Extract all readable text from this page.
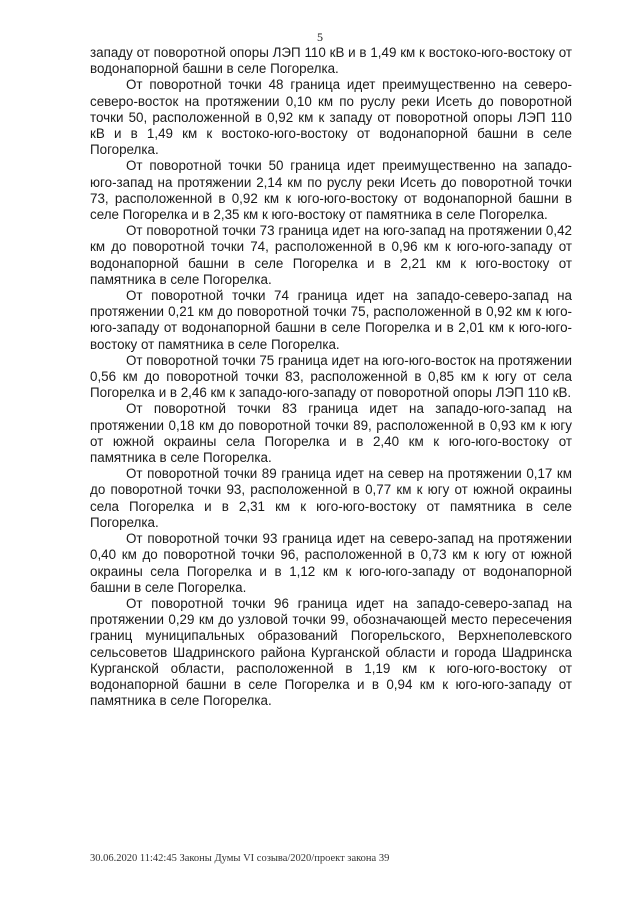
5

западу от поворотной опоры ЛЭП 110 кВ и в 1,49 км к востоко-юго-востоку от водонапорной башни в селе Погорелка.

От поворотной точки 48 граница идет преимущественно на северо-северо-восток на протяжении 0,10 км по руслу реки Исеть до поворотной точки 50, расположенной в 0,92 км к западу от поворотной опоры ЛЭП 110 кВ и в 1,49 км к востоко-юго-востоку от водонапорной башни в селе Погорелка.

От поворотной точки 50 граница идет преимущественно на западо-юго-запад на протяжении 2,14 км по руслу реки Исеть до поворотной точки 73, расположенной в 0,92 км к юго-юго-востоку от водонапорной башни в селе Погорелка и в 2,35 км к юго-востоку от памятника в селе Погорелка.

От поворотной точки 73 граница идет на юго-запад на протяжении 0,42 км до поворотной точки 74, расположенной в 0,96 км к юго-юго-западу от водонапорной башни в селе Погорелка и в 2,21 км к юго-востоку от памятника в селе Погорелка.

От поворотной точки 74 граница идет на западо-северо-запад на протяжении 0,21 км до поворотной точки 75, расположенной в 0,92 км к юго-юго-западу от водонапорной башни в селе Погорелка и в 2,01 км к юго-юго-востоку от памятника в селе Погорелка.

От поворотной точки 75 граница идет на юго-юго-восток на протяжении 0,56 км до поворотной точки 83, расположенной в 0,85 км к югу от села Погорелка и в 2,46 км к западо-юго-западу от поворотной опоры ЛЭП 110 кВ.

От поворотной точки 83 граница идет на западо-юго-запад на протяжении 0,18 км до поворотной точки 89, расположенной в 0,93 км к югу от южной окраины села Погорелка и в 2,40 км к юго-юго-востоку от памятника в селе Погорелка.

От поворотной точки 89 граница идет на север на протяжении 0,17 км до поворотной точки 93, расположенной в 0,77 км к югу от южной окраины села Погорелка и в 2,31 км к юго-юго-востоку от памятника в селе Погорелка.

От поворотной точки 93 граница идет на северо-запад на протяжении 0,40 км до поворотной точки 96, расположенной в 0,73 км к югу от южной окраины села Погорелка и в 1,12 км к юго-юго-западу от водонапорной башни в селе Погорелка.

От поворотной точки 96 граница идет на западо-северо-запад на протяжении 0,29 км до узловой точки 99, обозначающей место пересечения границ муниципальных образований Погорельского, Верхнеполевского сельсоветов Шадринского района Курганской области и города Шадринска Курганской области, расположенной в 1,19 км к юго-юго-востоку от водонапорной башни в селе Погорелка и в 0,94 км к юго-юго-западу от памятника в селе Погорелка.

30.06.2020 11:42:45 Законы Думы VI созыва/2020/проект закона 39
